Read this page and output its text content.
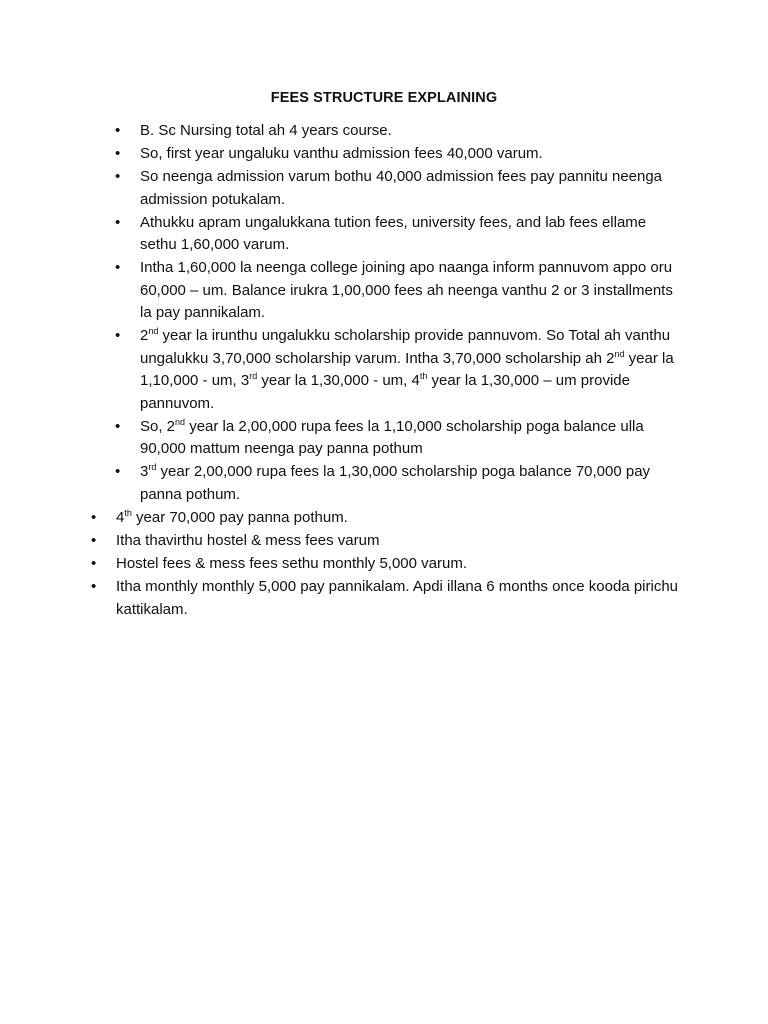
FEES STRUCTURE EXPLAINING
•	B. Sc Nursing total ah 4 years course.
•	So, first year ungaluku vanthu admission fees 40,000 varum.
•	So neenga admission varum bothu 40,000 admission fees pay pannitu neenga admission potukalam.
•	Athukku apram ungalukkana tution fees, university fees, and lab fees ellame sethu 1,60,000 varum.
•	Intha 1,60,000 la neenga college joining apo naanga inform pannuvom appo oru 60,000 – um. Balance irukra 1,00,000 fees ah neenga vanthu 2 or 3 installments la pay pannikalam.
•	2nd year la irunthu ungalukku scholarship provide pannuvom. So Total ah vanthu ungalukku 3,70,000 scholarship varum. Intha 3,70,000 scholarship ah 2nd year la 1,10,000 - um, 3rd year la 1,30,000 - um, 4th year la 1,30,000 – um provide pannuvom.
•	So, 2nd year la 2,00,000 rupa fees la 1,10,000 scholarship poga balance ulla 90,000 mattum neenga pay panna pothum
•	3rd year 2,00,000 rupa fees la 1,30,000 scholarship poga balance 70,000 pay panna pothum.
•	4th year 70,000 pay panna pothum.
•	Itha thavirthu hostel & mess fees varum
•	Hostel fees & mess fees sethu monthly 5,000 varum.
•	Itha monthly monthly 5,000 pay pannikalam. Apdi illana 6 months once kooda pirichu kattikalam.
